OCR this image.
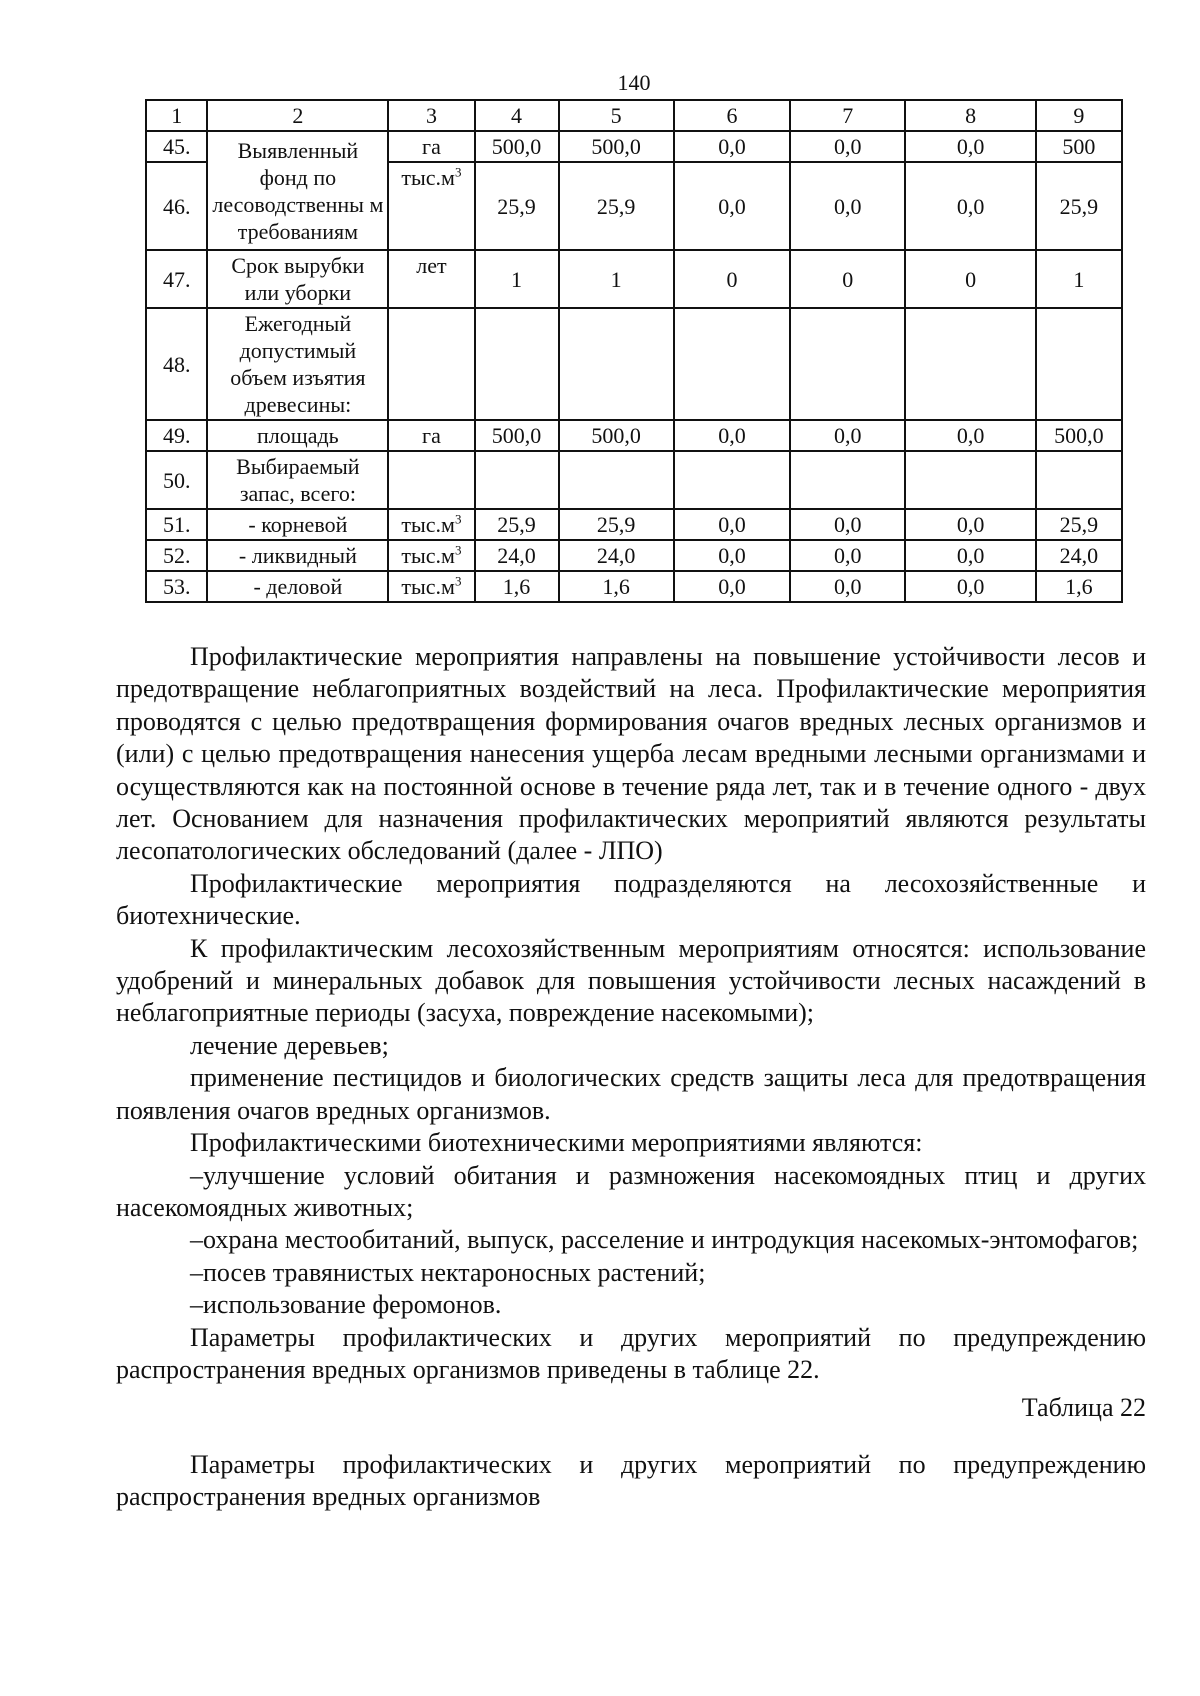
140
1	2	3	4	5	6	7	8	9
45.	Выявленный фонд по лесоводственны м требованиям	га	500,0	500,0	0,0	0,0	0,0	500
46.		$тыс.м^3$	25,9	25,9	0,0	0,0	0,0	25,9
47.	Срок вырубки или уборки	лет	1	1	0	0	0	1
48.	Ежегодный допустимый объем изъятия древесины:							
49.	площадь	га	500,0	500,0	0,0	0,0	0,0	500,0
50.	Выбираемый запас, всего:							
51.	- корневой	$тыс.м^3$	25,9	25,9	0,0	0,0	0,0	25,9
52.	- ликвидный	$тыс.м^3$	24,0	24,0	0,0	0,0	0,0	24,0
53.	- деловой	$тыс.м^3$	1,6	1,6	0,0	0,0	0,0	1,6

Профилактические мероприятия направлены на повышение устойчивости лесов и предотвращение неблагоприятных воздействий на леса. Профилактические мероприятия проводятся с целью предотвращения формирования очагов вредных лесных организмов и (или) с целью предотвращения нанесения ущерба лесам вредными лесными организмами и осуществляются как на постоянной основе в течение ряда лет, так и в течение одного - двух лет. Основанием для назначения профилактических мероприятий являются результаты лесопатологических обследований (далее - ЛПО)

Профилактические мероприятия подразделяются на лесохозяйственные и биотехнические.

К профилактическим лесохозяйственным мероприятиям относятся: использование удобрений и минеральных добавок для повышения устойчивости лесных насаждений в неблагоприятные периоды (засуха, повреждение насекомыми);

лечение деревьев;

применение пестицидов и биологических средств защиты леса для предотвращения появления очагов вредных организмов.

Профилактическими биотехническими мероприятиями являются:

–улучшение условий обитания и размножения насекомоядных птиц и других насекомоядных животных;

–охрана местообитаний, выпуск, расселение и интродукция насекомых-энтомофагов;

–посев травянистых нектароносных растений;

–использование феромонов.

Параметры профилактических и других мероприятий по предупреждению распространения вредных организмов приведены в таблице 22.

Таблица 22

Параметры профилактических и других мероприятий по предупреждению распространения вредных организмов
